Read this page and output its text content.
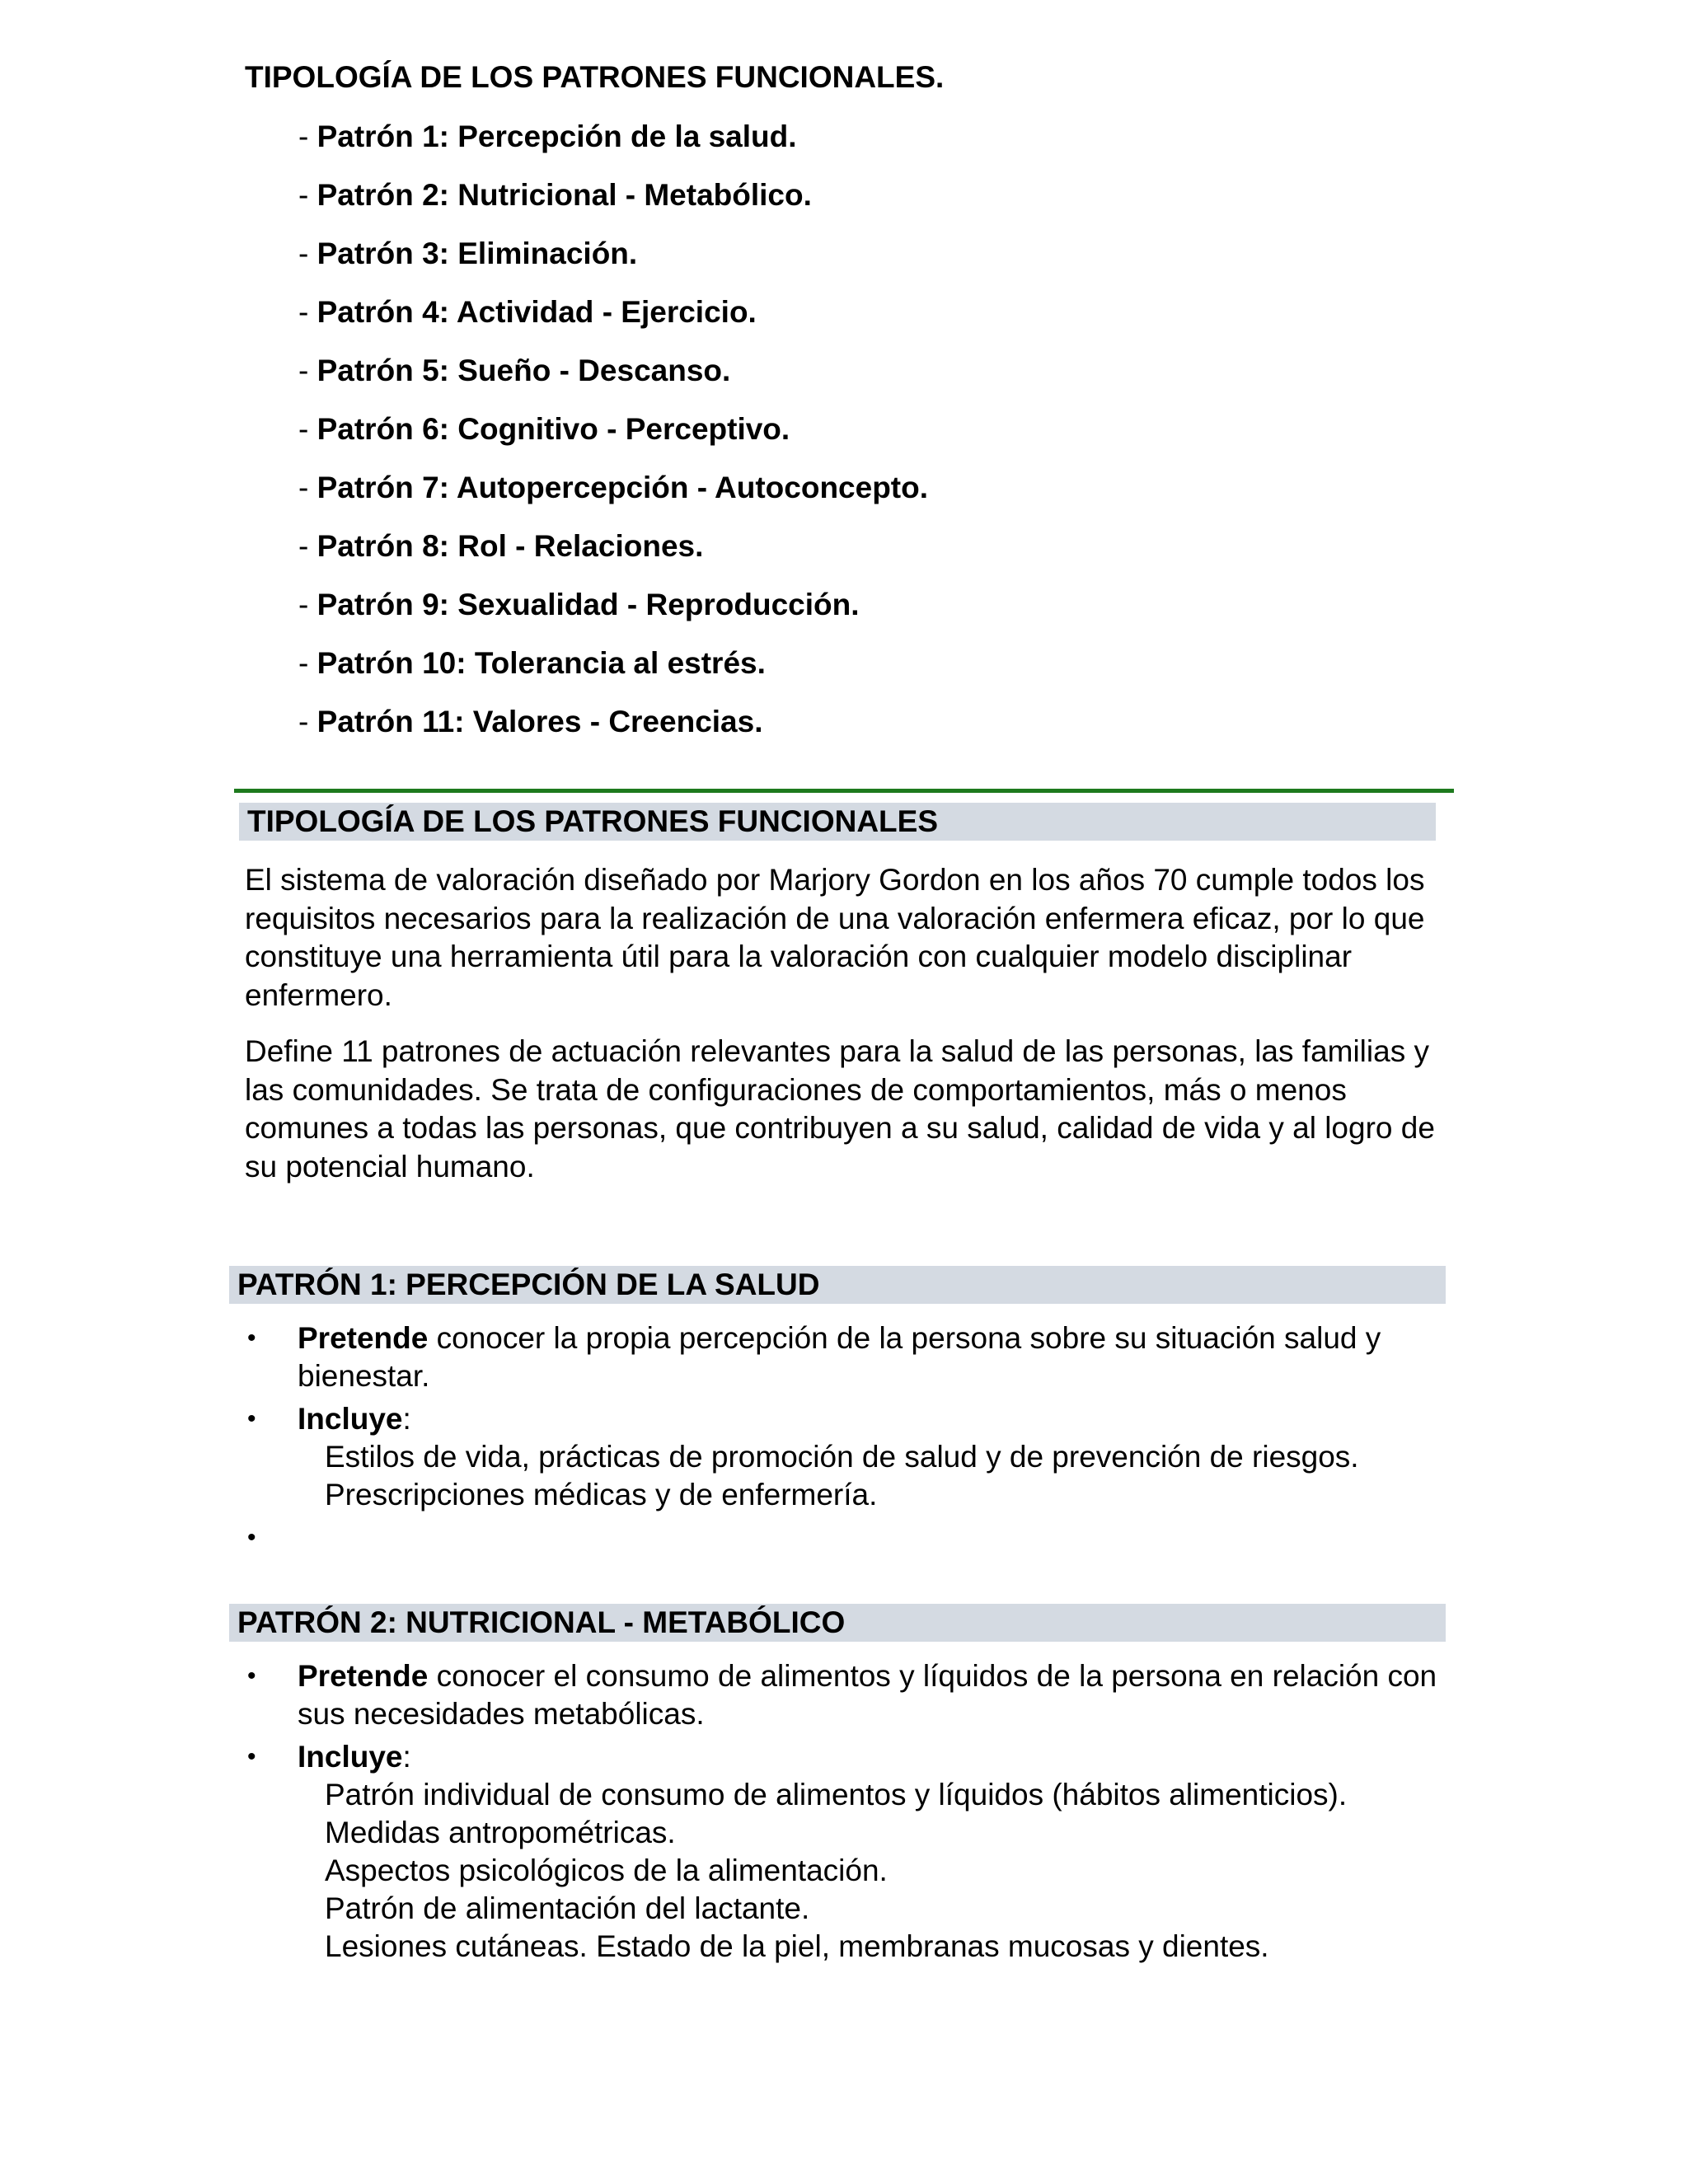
TIPOLOGÍA DE LOS PATRONES FUNCIONALES.
- Patrón 1: Percepción de la salud.
- Patrón 2: Nutricional - Metabólico.
- Patrón 3: Eliminación.
- Patrón 4: Actividad - Ejercicio.
- Patrón 5: Sueño - Descanso.
- Patrón 6: Cognitivo - Perceptivo.
- Patrón 7: Autopercepción - Autoconcepto.
- Patrón 8: Rol - Relaciones.
- Patrón 9: Sexualidad - Reproducción.
- Patrón 10: Tolerancia al estrés.
- Patrón 11: Valores - Creencias.
TIPOLOGÍA DE LOS PATRONES FUNCIONALES

El sistema de valoración diseñado por Marjory Gordon en los años 70 cumple todos los requisitos necesarios para la realización de una valoración enfermera eficaz, por lo que constituye una herramienta útil para la valoración con cualquier modelo disciplinar enfermero.

Define 11 patrones de actuación relevantes para la salud de las personas, las familias y las comunidades. Se trata de configuraciones de comportamientos, más o menos comunes a todas las personas, que contribuyen a su salud, calidad de vida y al logro de su potencial humano.

PATRÓN 1: PERCEPCIÓN DE LA SALUD
• Pretende conocer la propia percepción de la persona sobre su situación salud y bienestar.
• Incluye:
Estilos de vida, prácticas de promoción de salud y de prevención de riesgos.
Prescripciones médicas y de enfermería.
•
PATRÓN 2: NUTRICIONAL - METABÓLICO
• Pretende conocer el consumo de alimentos y líquidos de la persona en relación con sus necesidades metabólicas.
• Incluye:
Patrón individual de consumo de alimentos y líquidos (hábitos alimenticios).
Medidas antropométricas.
Aspectos psicológicos de la alimentación.
Patrón de alimentación del lactante.
Lesiones cutáneas. Estado de la piel, membranas mucosas y dientes.
